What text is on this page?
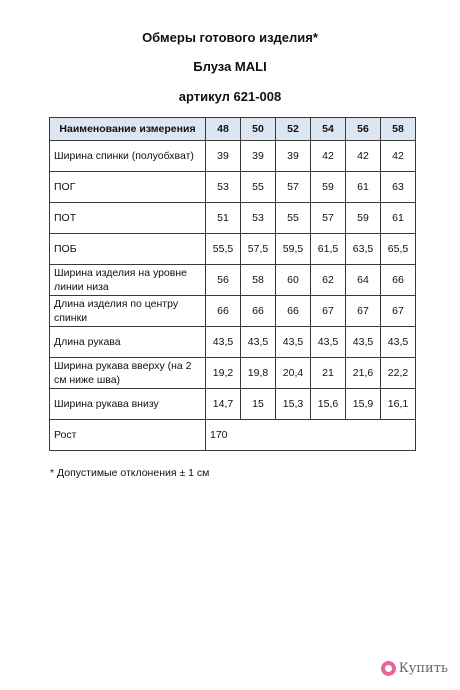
Обмеры готового изделия*
Блуза MALI
артикул 621-008
Наименование измерения	48	50	52	54	56	58
Ширина спинки (полуобхват)	39	39	39	42	42	42
ПОГ	53	55	57	59	61	63
ПОТ	51	53	55	57	59	61
ПОБ	55,5	57,5	59,5	61,5	63,5	65,5
Ширина изделия на уровне линии низа	56	58	60	62	64	66
Длина изделия по центру спинки	66	66	66	67	67	67
Длина рукава	43,5	43,5	43,5	43,5	43,5	43,5
Ширина рукава вверху (на 2 см ниже шва)	19,2	19,8	20,4	21	21,6	22,2
Ширина рукава внизу	14,7	15	15,3	15,6	15,9	16,1
Рост	170					
* Допустимые отклонения ± 1 см
Купить
